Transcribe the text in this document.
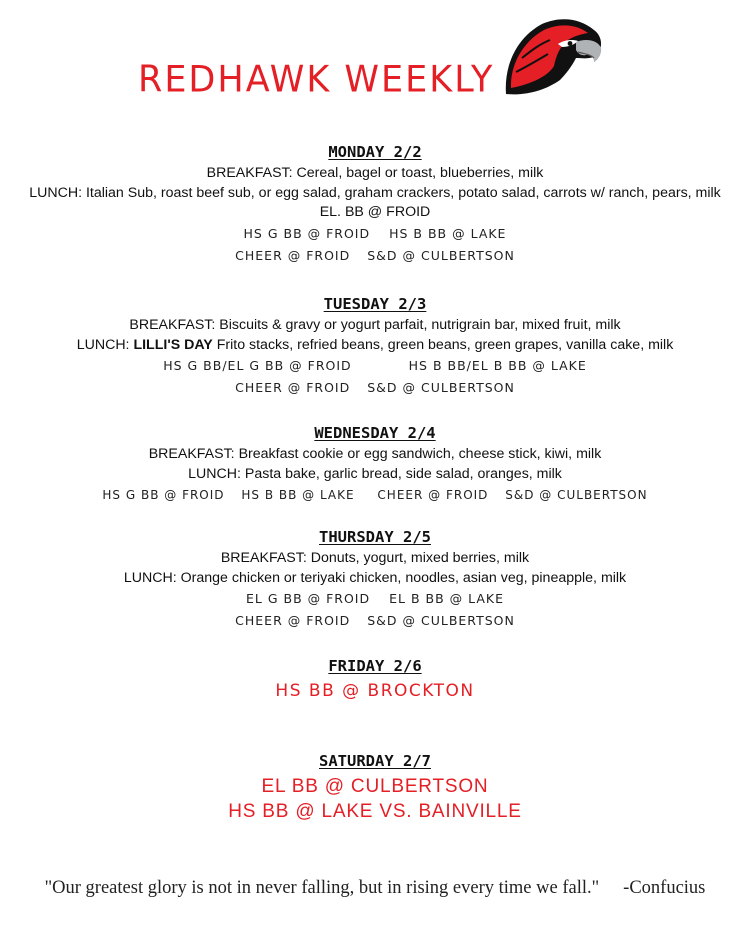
REDHAWK WEEKLY
MONDAY 2/2
BREAKFAST: Cereal, bagel or toast, blueberries, milk
LUNCH: Italian Sub, roast beef sub, or egg salad, graham crackers, potato salad, carrots w/ ranch, pears, milk
EL. BB @ FROID
HS G BB @ FROID HS B BB @ LAKE
CHEER @ FROID S&D @ CULBERTSON
TUESDAY 2/3
BREAKFAST: Biscuits & gravy or yogurt parfait, nutrigrain bar, mixed fruit, milk
LUNCH: LILLI'S DAY Frito stacks, refried beans, green beans, green grapes, vanilla cake, milk
HS G BB/EL G BB @ FROID	HS B BB/EL B BB @ LAKE
CHEER @ FROID S&D @ CULBERTSON
WEDNESDAY 2/4
BREAKFAST: Breakfast cookie or egg sandwich, cheese stick, kiwi, milk
LUNCH: Pasta bake, garlic bread, side salad, oranges, milk
HS G BB @ FROID HS B BB @ LAKE CHEER @ FROID S&D @ CULBERTSON
THURSDAY 2/5
BREAKFAST: Donuts, yogurt, mixed berries, milk
LUNCH: Orange chicken or teriyaki chicken, noodles, asian veg, pineapple, milk
EL G BB @ FROID EL B BB @ LAKE
CHEER @ FROID S&D @ CULBERTSON
FRIDAY 2/6
HS BB @ BROCKTON
SATURDAY 2/7
EL BB @ CULBERTSON
HS BB @ LAKE VS. BAINVILLE
"Our greatest glory is not in never falling, but in rising every time we fall." -Confucius
